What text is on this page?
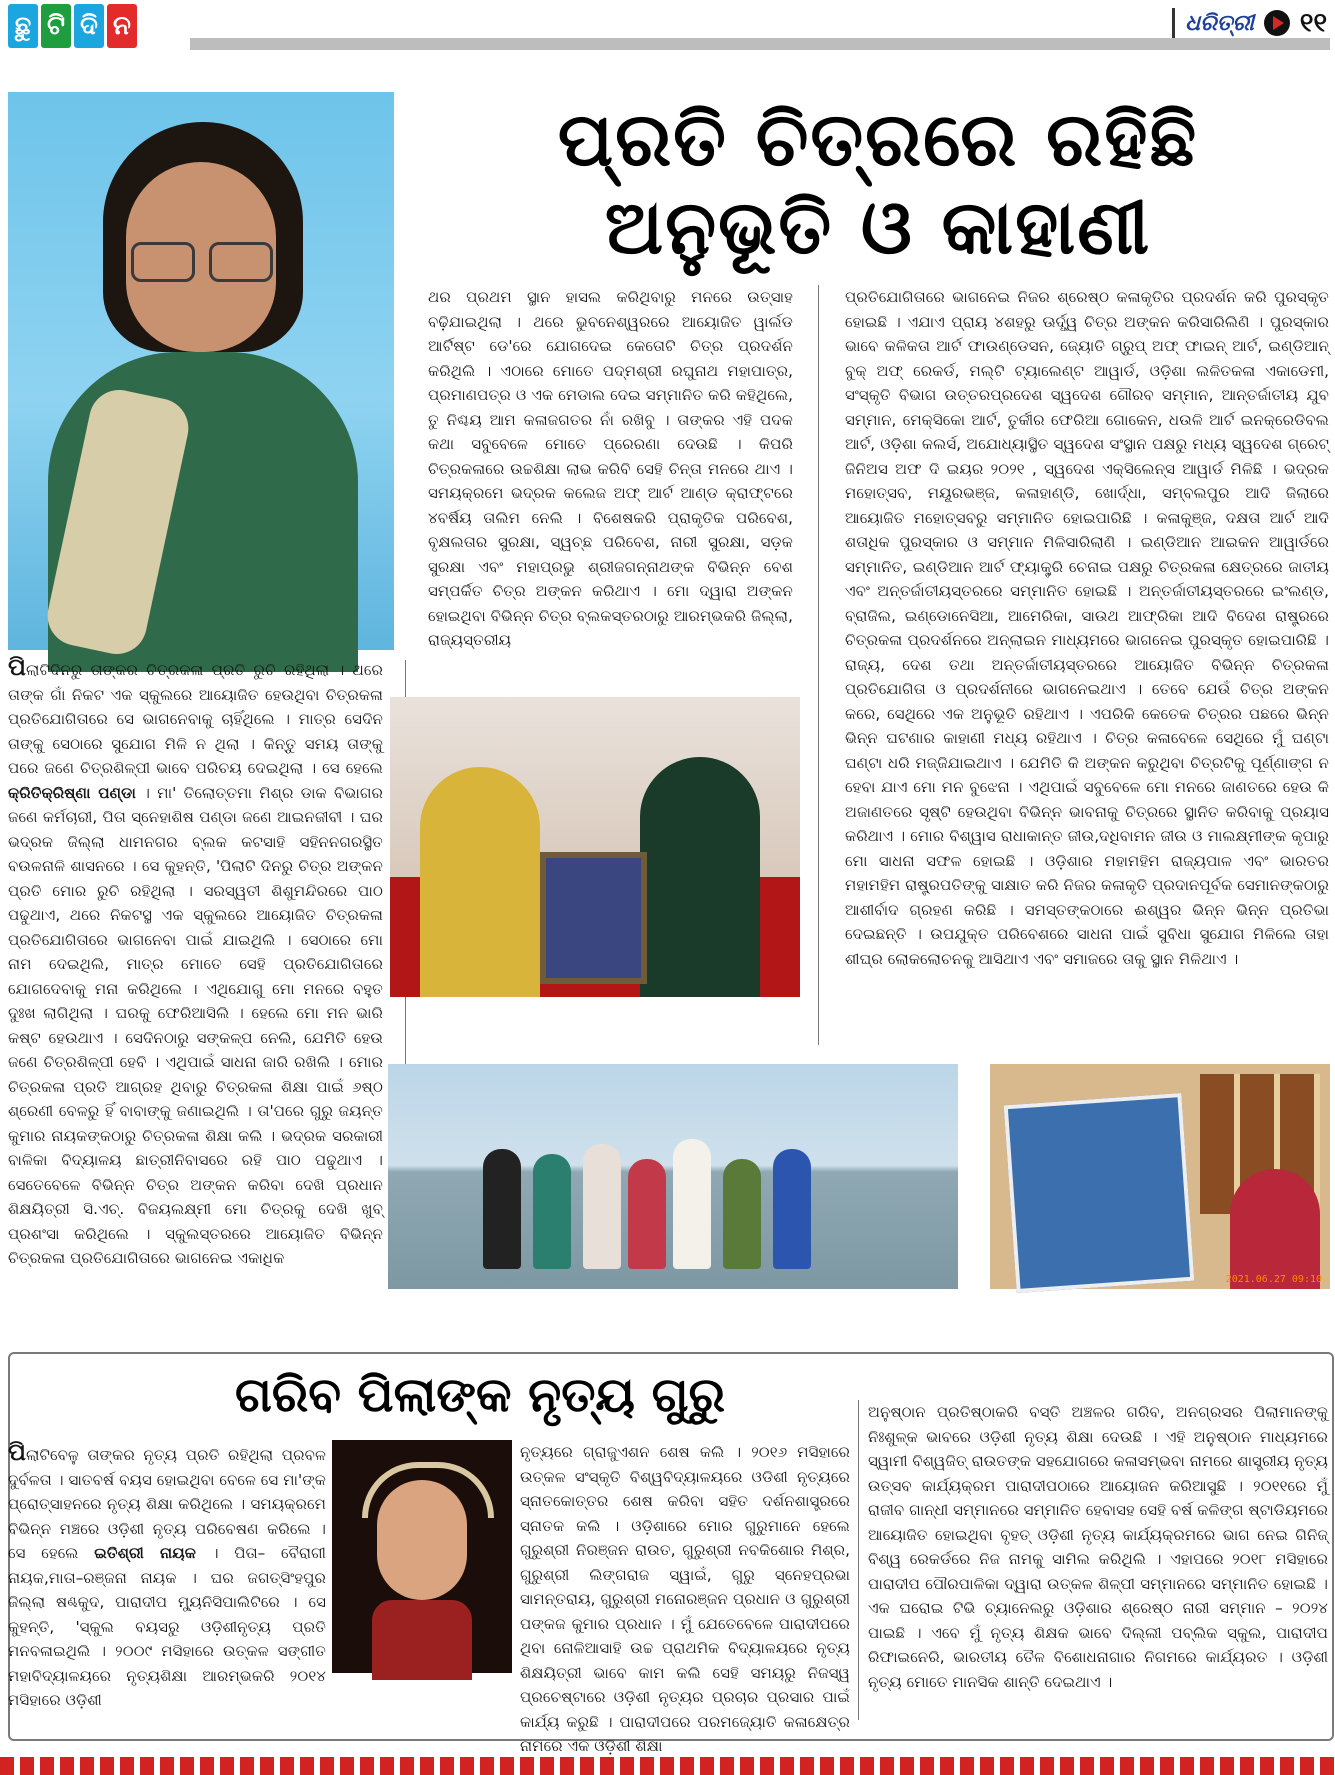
ଛୁ ଟି ଦି ନ	ଧରିତ୍ରୀ ୧୧
ପ୍ରତି ଚିତ୍ରରେ ରହିଛି
ଅନୁଭୂତି ଓ କାହାଣୀ
ପିଲାଟିଦିନରୁ ତାଙ୍କର ଚିତ୍ରକଳା ପ୍ରତି ରୁଚି ରହିଥିଲା । ଥରେ ତାଙ୍କ ଗାଁ ନିକଟ ଏକ ସ୍କୁଲରେ ଆୟୋଜିତ ହେଉଥିବା ଚିତ୍ରକଳା ପ୍ରତିଯୋଗିତାରେ ସେ ଭାଗନେବାକୁ ଚାହିଁଥିଲେ । ମାତ୍ର ସେଦିନ ତାଙ୍କୁ ସେଠାରେ ସୁଯୋଗ ମିଳି ନ ଥିଲା । କିନ୍ତୁ ସମୟ ତାଙ୍କୁ ପରେ ଜଣେ ଚିତ୍ରଶିଳ୍ପୀ ଭାବେ ପରିଚୟ ଦେଇଥିଲା । ସେ ହେଲେ କ୍ରିତିକ୍ରିଷ୍ଣା ପଣ୍ଡା । ମା' ତିଲୋତ୍ତମା ମିଶ୍ର ଡାକ ବିଭାଗର ଜଣେ କର୍ମଚାରୀ, ପିତା ସ୍ନେହାଶିଷ ପଣ୍ଡା ଜଣେ ଆଇନଜୀବୀ । ଘର ଭଦ୍ରକ ଜିଲ୍ଲା ଧାମନଗର ବ୍ଲକ କଟସାହି ସହିନନଗରସ୍ଥିତ ବଉଳନାଳି ଶାସନରେ । ସେ କୁହନ୍ତି, 'ପିଲାଟି ଦିନରୁ ଚିତ୍ର ଅଙ୍କନ ପ୍ରତି ମୋର ରୁଚି ରହିଥିଲା । ସରସ୍ୱତୀ ଶିଶୁମନ୍ଦିରରେ ପାଠ ପଢୁଥାଏ, ଥରେ ନିକଟସ୍ଥ ଏକ ସ୍କୁଲରେ ଆୟୋଜିତ ଚିତ୍ରକଳା ପ୍ରତିଯୋଗିତାରେ ଭାଗନେବା ପାଇଁ ଯାଇଥିଲି । ସେଠାରେ ମୋ ନାମ ଦେଇଥିଲି, ମାତ୍ର ମୋତେ ସେହି ପ୍ରତିଯୋଗିତାରେ ଯୋଗଦେବାକୁ ମନା କରିଥିଲେ । ଏଥିଯୋଗୁ ମୋ ମନରେ ବହୁତ ଦୁଃଖ ଲାଗିଥିଲା । ଘରକୁ ଫେରିଆସିଲି । ହେଲେ ମୋ ମନ ଭାରି କଷ୍ଟ ହେଉଥାଏ । ସେଦିନଠାରୁ ସଙ୍କଳ୍ପ ନେଲି, ଯେମିତି ହେଉ ଜଣେ ଚିତ୍ରଶିଳ୍ପୀ ହେବି । ଏଥିପାଇଁ ସାଧନା ଜାରି ରଖିଲି । ମୋର ଚିତ୍ରକଳା ପ୍ରତି ଆଗ୍ରହ ଥିବାରୁ ଚିତ୍ରକଳା ଶିକ୍ଷା ପାଇଁ ୬ଷ୍ଠ ଶ୍ରେଣୀ ବେଳରୁ ହିଁ ବାବାଙ୍କୁ ଜଣାଇଥିଲି । ତା'ପରେ ଗୁରୁ ଜୟନ୍ତ କୁମାର ନାୟକଙ୍କଠାରୁ ଚିତ୍ରକଳା ଶିକ୍ଷା କଲି । ଭଦ୍ରକ ସରକାରୀ ବାଳିକା ବିଦ୍ୟାଳୟ ଛାତ୍ରୀନିବାସରେ ରହି ପାଠ ପଢୁଥାଏ । ସେତେବେଳେ ବିଭିନ୍ନ ଚିତ୍ର ଅଙ୍କନ କରିବା ଦେଖି ପ୍ରଧାନ ଶିକ୍ଷୟିତ୍ରୀ ସି.ଏଚ୍. ବିଜୟଲକ୍ଷ୍ମୀ ମୋ ଚିତ୍ରକୁ ଦେଖି ଖୁବ୍ ପ୍ରଶଂସା କରିଥିଲେ । ସ୍କୁଲସ୍ତରରେ ଆୟୋଜିତ ବିଭିନ୍ନ ଚିତ୍ରକଳା ପ୍ରତିଯୋଗିତାରେ ଭାଗନେଇ ଏକାଧିକ
ଥର ପ୍ରଥମ ସ୍ଥାନ ହାସଲ କରିଥିବାରୁ ମନରେ ଉତ୍ସାହ ବଢ଼ିଯାଇଥିଲା । ଥରେ ଭୁବନେଶ୍ୱରରେ ଆୟୋଜିତ ୱାର୍ଲଡ ଆର୍ଟିଷ୍ଟ ଡେ'ରେ ଯୋଗଦେଇ କେତୋଟି ଚିତ୍ର ପ୍ରଦର୍ଶନ କରିଥିଲି । ଏଠାରେ ମୋତେ ପଦ୍ମଶ୍ରୀ ରଘୁନାଥ ମହାପାତ୍ର, ପ୍ରମାଣପତ୍ର ଓ ଏକ ମେଡାଲ ଦେଇ ସମ୍ମାନିତ କରି କହିଥିଲେ, ତୁ ନିଶ୍ଚୟ ଆମ କଳାଜଗତର ନାଁ ରଖିବୁ । ତାଙ୍କର ଏହି ପଦକ କଥା ସବୁବେଳେ ମୋତେ ପ୍ରେରଣା ଦେଉଛି । କିପରି ଚିତ୍ରକଳାରେ ଉଚ୍ଚଶିକ୍ଷା ଲାଭ କରିବି ସେହି ଚିନ୍ତା ମନରେ ଥାଏ । ସମୟକ୍ରମେ ଭଦ୍ରକ କଲେଜ ଅଫ୍ ଆର୍ଟ ଆଣ୍ଡ କ୍ରାଫ୍ଟରେ ୪ବର୍ଷିୟ ତାଲିମ ନେଲି । ବିଶେଷକରି ପ୍ରାକୃତିକ ପରିବେଶ, ବୃକ୍ଷଲତାର ସୁରକ୍ଷା, ସ୍ୱଚ୍ଛ ପରିବେଶ, ନାରୀ ସୁରକ୍ଷା, ସଡ଼କ ସୁରକ୍ଷା ଏବଂ ମହାପ୍ରଭୁ ଶ୍ରୀଜଗନ୍ନାଥଙ୍କ ବିଭିନ୍ନ ବେଶ ସମ୍ପର୍କିତ ଚିତ୍ର ଅଙ୍କନ କରିଥାଏ । ମୋ ଦ୍ୱାରା ଅଙ୍କନ ହୋଇଥିବା ବିଭିନ୍ନ ଚିତ୍ର ବ୍ଲକସ୍ତରଠାରୁ ଆରମ୍ଭକରି ଜିଲ୍ଲା, ରାଜ୍ୟସ୍ତରୀୟ
ପ୍ରତିଯୋଗିତାରେ ଭାଗନେଇ ନିଜର ଶ୍ରେଷ୍ଠ କଳାକୃତିର ପ୍ରଦର୍ଶନ କରି ପୁରସ୍କୃତ ହୋଇଛି । ଏଯାଏ ପ୍ରାୟ ୪ଶହରୁ ଊର୍ଦ୍ଧ୍ୱ ଚିତ୍ର ଅଙ୍କନ କରିସାରିଲିଣି । ପୁରସ୍କାର ଭାବେ କଳିକତା ଆର୍ଟ ଫାଉଣ୍ଡେସନ, ଜ୍ୟୋତି ଗ୍ରୁପ୍ ଅଫ୍ ଫାଇନ୍ ଆର୍ଟ, ଇଣ୍ଡିଆନ୍ ବୁକ୍ ଅଫ୍ ରେକର୍ଡ, ମଲ୍ଟି ଟ୍ୟାଲେଣ୍ଟ ଆୱାର୍ଡ, ଓଡ଼ିଶା ଲଳିତକଳା ଏକାଡେମୀ, ସଂସ୍କୃତି ବିଭାଗ ଉତ୍ତରପ୍ରଦେଶ ସ୍ୱଦେଶ ଗୌରବ ସମ୍ମାନ, ଆନ୍ତର୍ଜାତୀୟ ଯୁବ ସମ୍ମାନ, ମେକ୍ସିକୋ ଆର୍ଟ, ତୁର୍କୀର ଫେରିଆ ଗୋକେନ, ଧଉଳି ଆର୍ଟ ଇନକ୍ରେଡିବଲ ଆର୍ଟ, ଓଡ଼ିଶା କଲର୍ସ, ଅଯୋଧ୍ୟାସ୍ଥିତ ସ୍ୱଦେଶ ସଂସ୍ଥାନ ପକ୍ଷରୁ ମଧ୍ୟ ସ୍ୱଦେଶ ଗ୍ରେଟ୍ ଜିନିଅସ ଅଫ ଦି ଇୟର ୨୦୨୧ , ସ୍ୱଦେଶ ଏକ୍ସିଲେନ୍ସ ଆୱାର୍ଡ ମିଳିଛି । ଭଦ୍ରକ ମହୋତ୍ସବ, ମୟୂରଭଞ୍ଜ, କଳାହାଣ୍ଡି, ଖୋର୍ଦ୍ଧା, ସମ୍ବଲପୁର ଆଦି ଜିଲାରେ ଆୟୋଜିତ ମହୋତ୍ସବରୁ ସମ୍ମାନିତ ହୋଇପାରିଛି । କଳାକୁଞ୍ଜ, ଦକ୍ଷତା ଆର୍ଟ ଆଦି ଶତାଧିକ ପୁରସ୍କାର ଓ ସମ୍ମାନ ମିଳିସାରିଲାଣି । ଇଣ୍ଡିଆନ ଆଇକନ ଆୱାର୍ଡରେ ସମ୍ମାନିତ, ଇଣ୍ଡିଆନ ଆର୍ଟ ଫ୍ୟାକ୍ଟ୍ରି ଚେନାଇ ପକ୍ଷରୁ ଚିତ୍ରକଳା କ୍ଷେତ୍ରରେ ଜାତୀୟ ଏବଂ ଅନ୍ତର୍ଜାତୀୟସ୍ତରରେ ସମ୍ମାନିତ ହୋଇଛି । ଅନ୍ତର୍ଜାତୀୟସ୍ତରରେ ଇଂଲଣ୍ଡ, ବ୍ରାଜିଲ, ଇଣ୍ଡୋନେସିଆ, ଆମେରିକା, ସାଉଥ ଆଫ୍ରିକା ଆଦି ବିଦେଶ ରାଷ୍ଟ୍ରରେ ଚିତ୍ରକଳା ପ୍ରଦର୍ଶନରେ ଅନ୍‌ଲାଇନ ମାଧ୍ୟମରେ ଭାଗନେଇ ପୁରସ୍କୃତ ହୋଇପାରିଛି । ରାଜ୍ୟ, ଦେଶ ତଥା ଅନ୍ତର୍ଜାତୀୟସ୍ତରରେ ଆୟୋଜିତ ବିଭିନ୍ନ ଚିତ୍ରକଳା ପ୍ରତିଯୋଗିତା ଓ ପ୍ରଦର୍ଶନୀରେ ଭାଗନେଇଥାଏ । ତେବେ ଯେଉଁ ଚିତ୍ର ଅଙ୍କନ କରେ, ସେଥିରେ ଏକ ଅନୁଭୂତି ରହିଥାଏ । ଏପରିକି କେତେକ ଚିତ୍ରର ପଛରେ ଭିନ୍ନ ଭିନ୍ନ ଘଟଣାର କାହାଣୀ ମଧ୍ୟ ରହିଥାଏ । ଚିତ୍ର କଳାବେଳେ ସେଥିରେ ମୁଁ ଘଣ୍ଟା ଘଣ୍ଟା ଧରି ମଜ୍ଜିଯାଇଥାଏ । ଯେମିତି କି ଅଙ୍କନ କରୁଥିବା ଚିତ୍ରଟିକୁ ପୂର୍ଣ୍ଣାଙ୍ଗ ନ ହେବା ଯାଏ ମୋ ମନ ବୁଝେନା । ଏଥିପାଇଁ ସବୁବେଳେ ମୋ ମନରେ ଜାଣତରେ ହେଉ କି ଅଜାଣତରେ ସୃଷ୍ଟି ହେଉଥିବା ବିଭିନ୍ନ ଭାବନାକୁ ଚିତ୍ରରେ ସ୍ଥାନିତ କରିବାକୁ ପ୍ରୟାସ କରିଥାଏ । ମୋର ବିଶ୍ୱାସ ରାଧାକାନ୍ତ ଜୀଉ,ଦଧିବାମନ ଜୀଉ ଓ ମାଲକ୍ଷ୍ମୀଙ୍କ କୃପାରୁ ମୋ ସାଧନା ସଫଳ ହୋଇଛି । ଓଡ଼ିଶାର ମହାମହିମ ରାଜ୍ୟପାଳ ଏବଂ ଭାରତର ମହାମହିମ ରାଷ୍ଟ୍ରପତିଙ୍କୁ ସାକ୍ଷାତ କରି ନିଜର କଳାକୃତି ପ୍ରଦାନପୂର୍ବକ ସେମାନଙ୍କଠାରୁ ଆଶୀର୍ବାଦ ଗ୍ରହଣ କରିଛି । ସମସ୍ତଙ୍କଠାରେ ଈଶ୍ୱର ଭିନ୍ନ ଭିନ୍ନ ପ୍ରତିଭା ଦେଇଛନ୍ତି । ଉପଯୁକ୍ତ ପରିବେଶରେ ସାଧନା ପାଇଁ ସୁବିଧା ସୁଯୋଗ ମିଳିଲେ ତାହା ଶୀଘ୍ର ଲୋକଲୋଚନକୁ ଆସିଥାଏ ଏବଂ ସମାଜରେ ତାକୁ ସ୍ଥାନ ମିଳିଥାଏ ।
2021.06.27 09:10
ଗରିବ ପିଲାଙ୍କ ନୃତ୍ୟ ଗୁରୁ
ପିଲାଟିବେଳୁ ତାଙ୍କର ନୃତ୍ୟ ପ୍ରତି ରହିଥିଲା ପ୍ରବଳ ଦୁର୍ବଳତା । ସାତବର୍ଷ ବୟସ ହୋଇଥିବା ବେଳେ ସେ ମା'ଙ୍କ ପ୍ରୋତ୍ସାହନରେ ନୃତ୍ୟ ଶିକ୍ଷା କରିଥିଲେ । ସମୟକ୍ରମେ ବିଭିନ୍ନ ମଞ୍ଚରେ ଓଡ଼ିଶୀ ନୃତ୍ୟ ପରିବେଷଣ କରିଲେ । ସେ ହେଲେ ଇତିଶ୍ରୀ ନାୟକ । ପିତା– ବୈରାଗୀ ନାୟକ,ମାତା–ରଞ୍ଜନା ନାୟକ । ଘର ଜଗତ୍‌ସିଂହପୁର ଜିଲ୍ଲା ଷଣ୍ଢକୁଦ, ପାରାଦୀପ ମ୍ୟୁନିସିପାଲିଟିରେ । ସେ କୁହନ୍ତି, 'ସ୍କୁଲ ବୟସରୁ ଓଡ଼ିଶୀନୃତ୍ୟ ପ୍ରତି ମନବଳାଇଥିଲି । ୨୦୦୯ ମସିହାରେ ଉତ୍କଳ ସଙ୍ଗୀତ ମହାବିଦ୍ୟାଳୟରେ ନୃତ୍ୟଶିକ୍ଷା ଆରମ୍ଭକରି ୨୦୧୪ ମସିହାରେ ଓଡ଼ିଶୀ
ନୃତ୍ୟରେ ଗ୍ରାଜୁଏଶନ ଶେଷ କଲି । ୨୦୧୬ ମସିହାରେ ଉତ୍କଳ ସଂସ୍କୃତି ବିଶ୍ୱବିଦ୍ୟାଳୟରେ ଓଡିଶୀ ନୃତ୍ୟରେ ସ୍ନାତକୋତ୍ତର ଶେଷ କରିବା ସହିତ ଦର୍ଶନଶାସ୍ତ୍ରରେ ସ୍ନାତକ କଲି । ଓଡ଼ିଶାରେ ମୋର ଗୁରୁମାନେ ହେଲେ ଗୁରୁଶ୍ରୀ ନିରଞ୍ଜନ ରାଉତ, ଗୁରୁଶ୍ରୀ ନବକିଶୋର ମିଶ୍ର, ଗୁରୁଶ୍ରୀ ଲିଙ୍ଗରାଜ ସ୍ୱାଇଁ, ଗୁରୁ ସ୍ନେହପ୍ରଭା ସାମନ୍ତରାୟ, ଗୁରୁଶ୍ରୀ ମନୋରଞ୍ଜନ ପ୍ରଧାନ ଓ ଗୁରୁଶ୍ରୀ ପଙ୍କଜ କୁମାର ପ୍ରଧାନ । ମୁଁ ଯେତେବେଳେ ପାରାଦୀପରେ ଥିବା ନୋଳିଆସାହି ଉଚ୍ଚ ପ୍ରାଥମିକ ବିଦ୍ୟାଳୟରେ ନୃତ୍ୟ ଶିକ୍ଷୟିତ୍ରୀ ଭାବେ କାମ କଲି ସେହି ସମୟରୁ ନିଜସ୍ୱ ପ୍ରଚେଷ୍ଟାରେ ଓଡ଼ିଶୀ ନୃତ୍ୟର ପ୍ରଚାର ପ୍ରସାର ପାଇଁ କାର୍ଯ୍ୟ କରୁଛି । ପାରାଦୀପରେ ପରମଜ୍ୟୋତି କଳାକ୍ଷେତ୍ର ନାମରେ ଏକ ଓଡ଼ିଶୀ ଶିକ୍ଷା
ଅନୁଷ୍ଠାନ ପ୍ରତିଷ୍ଠାକରି ବସ୍ତି ଅଞ୍ଚଳର ଗରିବ, ଅନଗ୍ରସର ପିଲାମାନଙ୍କୁ ନିଃଶୁଳ୍କ ଭାବରେ ଓଡ଼ିଶୀ ନୃତ୍ୟ ଶିକ୍ଷା ଦେଉଛି । ଏହି ଅନୁଷ୍ଠାନ ମାଧ୍ୟମରେ ସ୍ୱାମୀ ବିଶ୍ୱଜିତ୍ ରାଉତଙ୍କ ସହଯୋଗରେ କଳାସମ୍ଭବା ନାମରେ ଶାସ୍ତ୍ରୀୟ ନୃତ୍ୟ ଉତ୍ସବ କାର୍ଯ୍ୟକ୍ରମ ପାରାଦୀପଠାରେ ଆୟୋଜନ କରିଆସୁଛି । ୨୦୧୧ରେ ମୁଁ ରାଜୀବ ଗାନ୍ଧୀ ସମ୍ମାନରେ ସମ୍ମାନିତ ହେବାସହ ସେହି ବର୍ଷ କଳିଙ୍ଗ ଷ୍ଟାଡିୟମରେ ଆୟୋଜିତ ହୋଇଥିବା ବୃହତ୍ ଓଡ଼ିଶୀ ନୃତ୍ୟ କାର୍ଯ୍ୟକ୍ରମରେ ଭାଗ ନେଇ ଗିନିଜ୍ ବିଶ୍ୱ ରେକର୍ଡରେ ନିଜ ନାମକୁ ସାମିଲ କରିଥିଲି । ଏହାପରେ ୨୦୧୮ ମସିହାରେ ପାରାଦୀପ ପୌରପାଳିକା ଦ୍ୱାରା ଉତ୍କଳ ଶିଳ୍ପୀ ସମ୍ମାନରେ ସମ୍ମାନିତ ହୋଇଛି । ଏକ ଘରୋଇ ଟିଭି ଚ୍ୟାନେଲରୁ ଓଡ଼ିଶାର ଶ୍ରେଷ୍ଠ ନାରୀ ସମ୍ମାନ – ୨୦୨୪ ପାଇଛି । ଏବେ ମୁଁ ନୃତ୍ୟ ଶିକ୍ଷକ ଭାବେ ଦିଲ୍ଲୀ ପବ୍ଲିକ ସ୍କୁଲ, ପାରାଦୀପ ରିଫାଇନେରି, ଭାରତୀୟ ତୈଳ ବିଶୋଧନାଗାର ନିଗମରେ କାର୍ଯ୍ୟରତ । ଓଡ଼ିଶୀ ନୃତ୍ୟ ମୋତେ ମାନସିକ ଶାନ୍ତି ଦେଇଥାଏ ।
